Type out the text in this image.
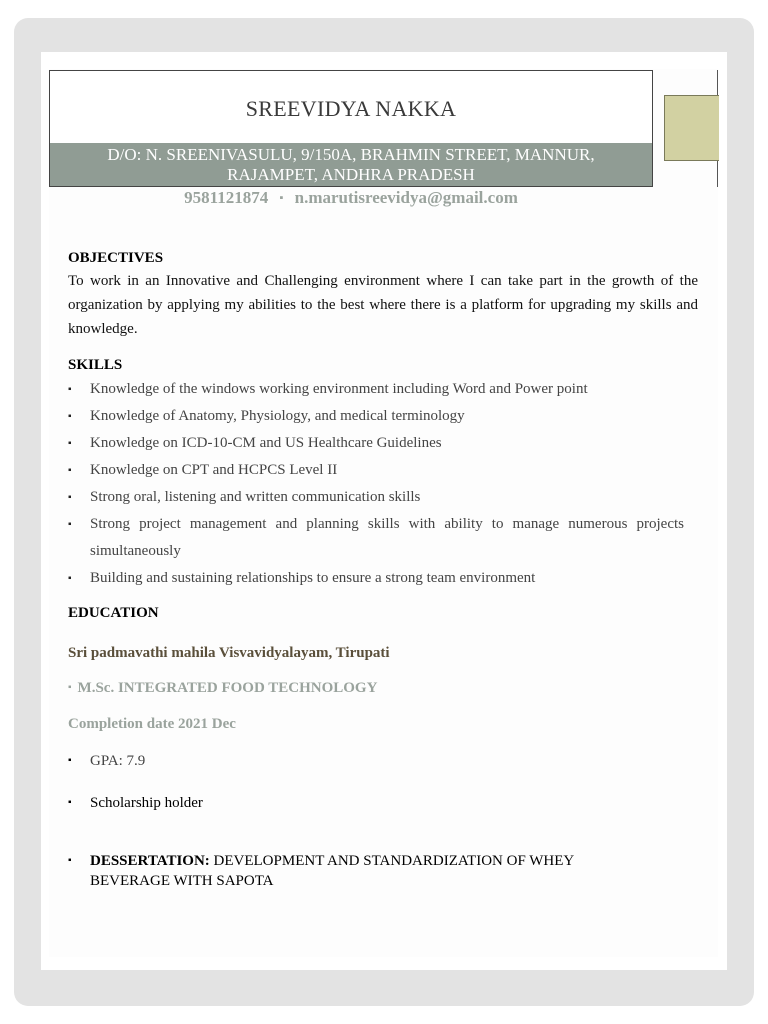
SREEVIDYA NAKKA
D/O: N. SREENIVASULU, 9/150A, BRAHMIN STREET, MANNUR,
RAJAMPET, ANDHRA PRADESH
9581121874 ▪ n.marutisreevidya@gmail.com
OBJECTIVES
To work in an Innovative and Challenging environment where I can take part in the growth of the organization by applying my abilities to the best where there is a platform for upgrading my skills and knowledge.
SKILLS
▪ Knowledge of the windows working environment including Word and Power point
▪ Knowledge of Anatomy, Physiology, and medical terminology
▪ Knowledge on ICD-10-CM and US Healthcare Guidelines
▪ Knowledge on CPT and HCPCS Level II
▪ Strong oral, listening and written communication skills
▪ Strong project management and planning skills with ability to manage numerous projects simultaneously
▪ Building and sustaining relationships to ensure a strong team environment
EDUCATION
Sri padmavathi mahila Visvavidyalayam, Tirupati
▪ M.Sc. INTEGRATED FOOD TECHNOLOGY
Completion date 2021 Dec
▪ GPA: 7.9
▪ Scholarship holder
▪ DESSERTATION: DEVELOPMENT AND STANDARDIZATION OF WHEY BEVERAGE WITH SAPOTA
